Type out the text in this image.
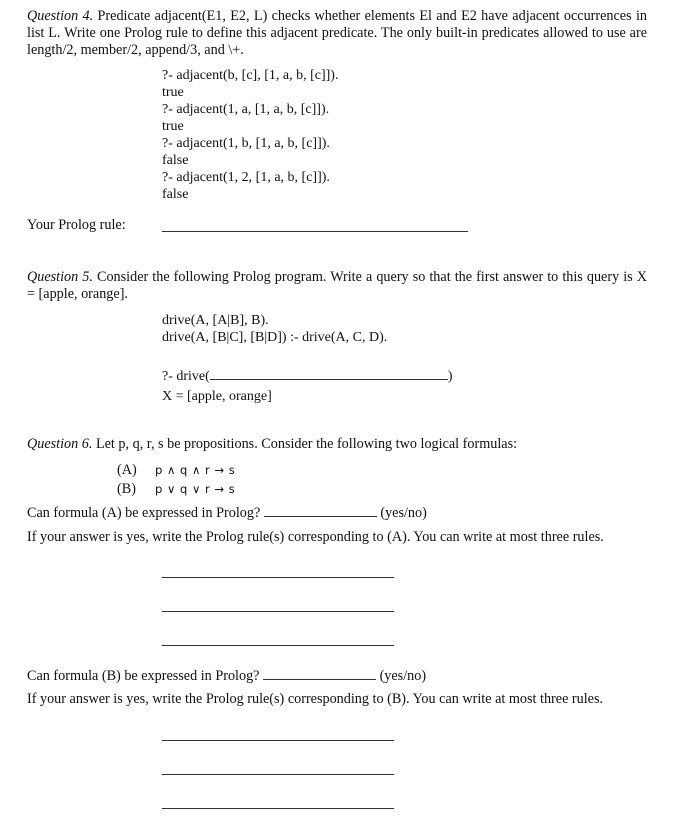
Question 4. Predicate adjacent(E1, E2, L) checks whether elements El and E2 have adjacent occurrences in list L. Write one Prolog rule to define this adjacent predicate. The only built-in predicates allowed to use are length/2, member/2, append/3, and \+.
?- adjacent(b, [c], [1, a, b, [c]]).
true
?- adjacent(1, a, [1, a, b, [c]]).
true
?- adjacent(1, b, [1, a, b, [c]]).
false
?- adjacent(1, 2, [1, a, b, [c]]).
false
Your Prolog rule:
Question 5. Consider the following Prolog program. Write a query so that the first answer to this query is X = [apple, orange].
drive(A, [A|B], B).
drive(A, [B|C], [B|D]) :- drive(A, C, D).
?- drive(	)
X = [apple, orange]
Question 6. Let p, q, r, s be propositions. Consider the following two logical formulas:
(A) p ∧ q ∧ r → s
(B) p ∨ q ∨ r → s
Can formula (A) be expressed in Prolog?	(yes/no)
If your answer is yes, write the Prolog rule(s) corresponding to (A). You can write at most three rules.
Can formula (B) be expressed in Prolog?	(yes/no)
If your answer is yes, write the Prolog rule(s) corresponding to (B). You can write at most three rules.
